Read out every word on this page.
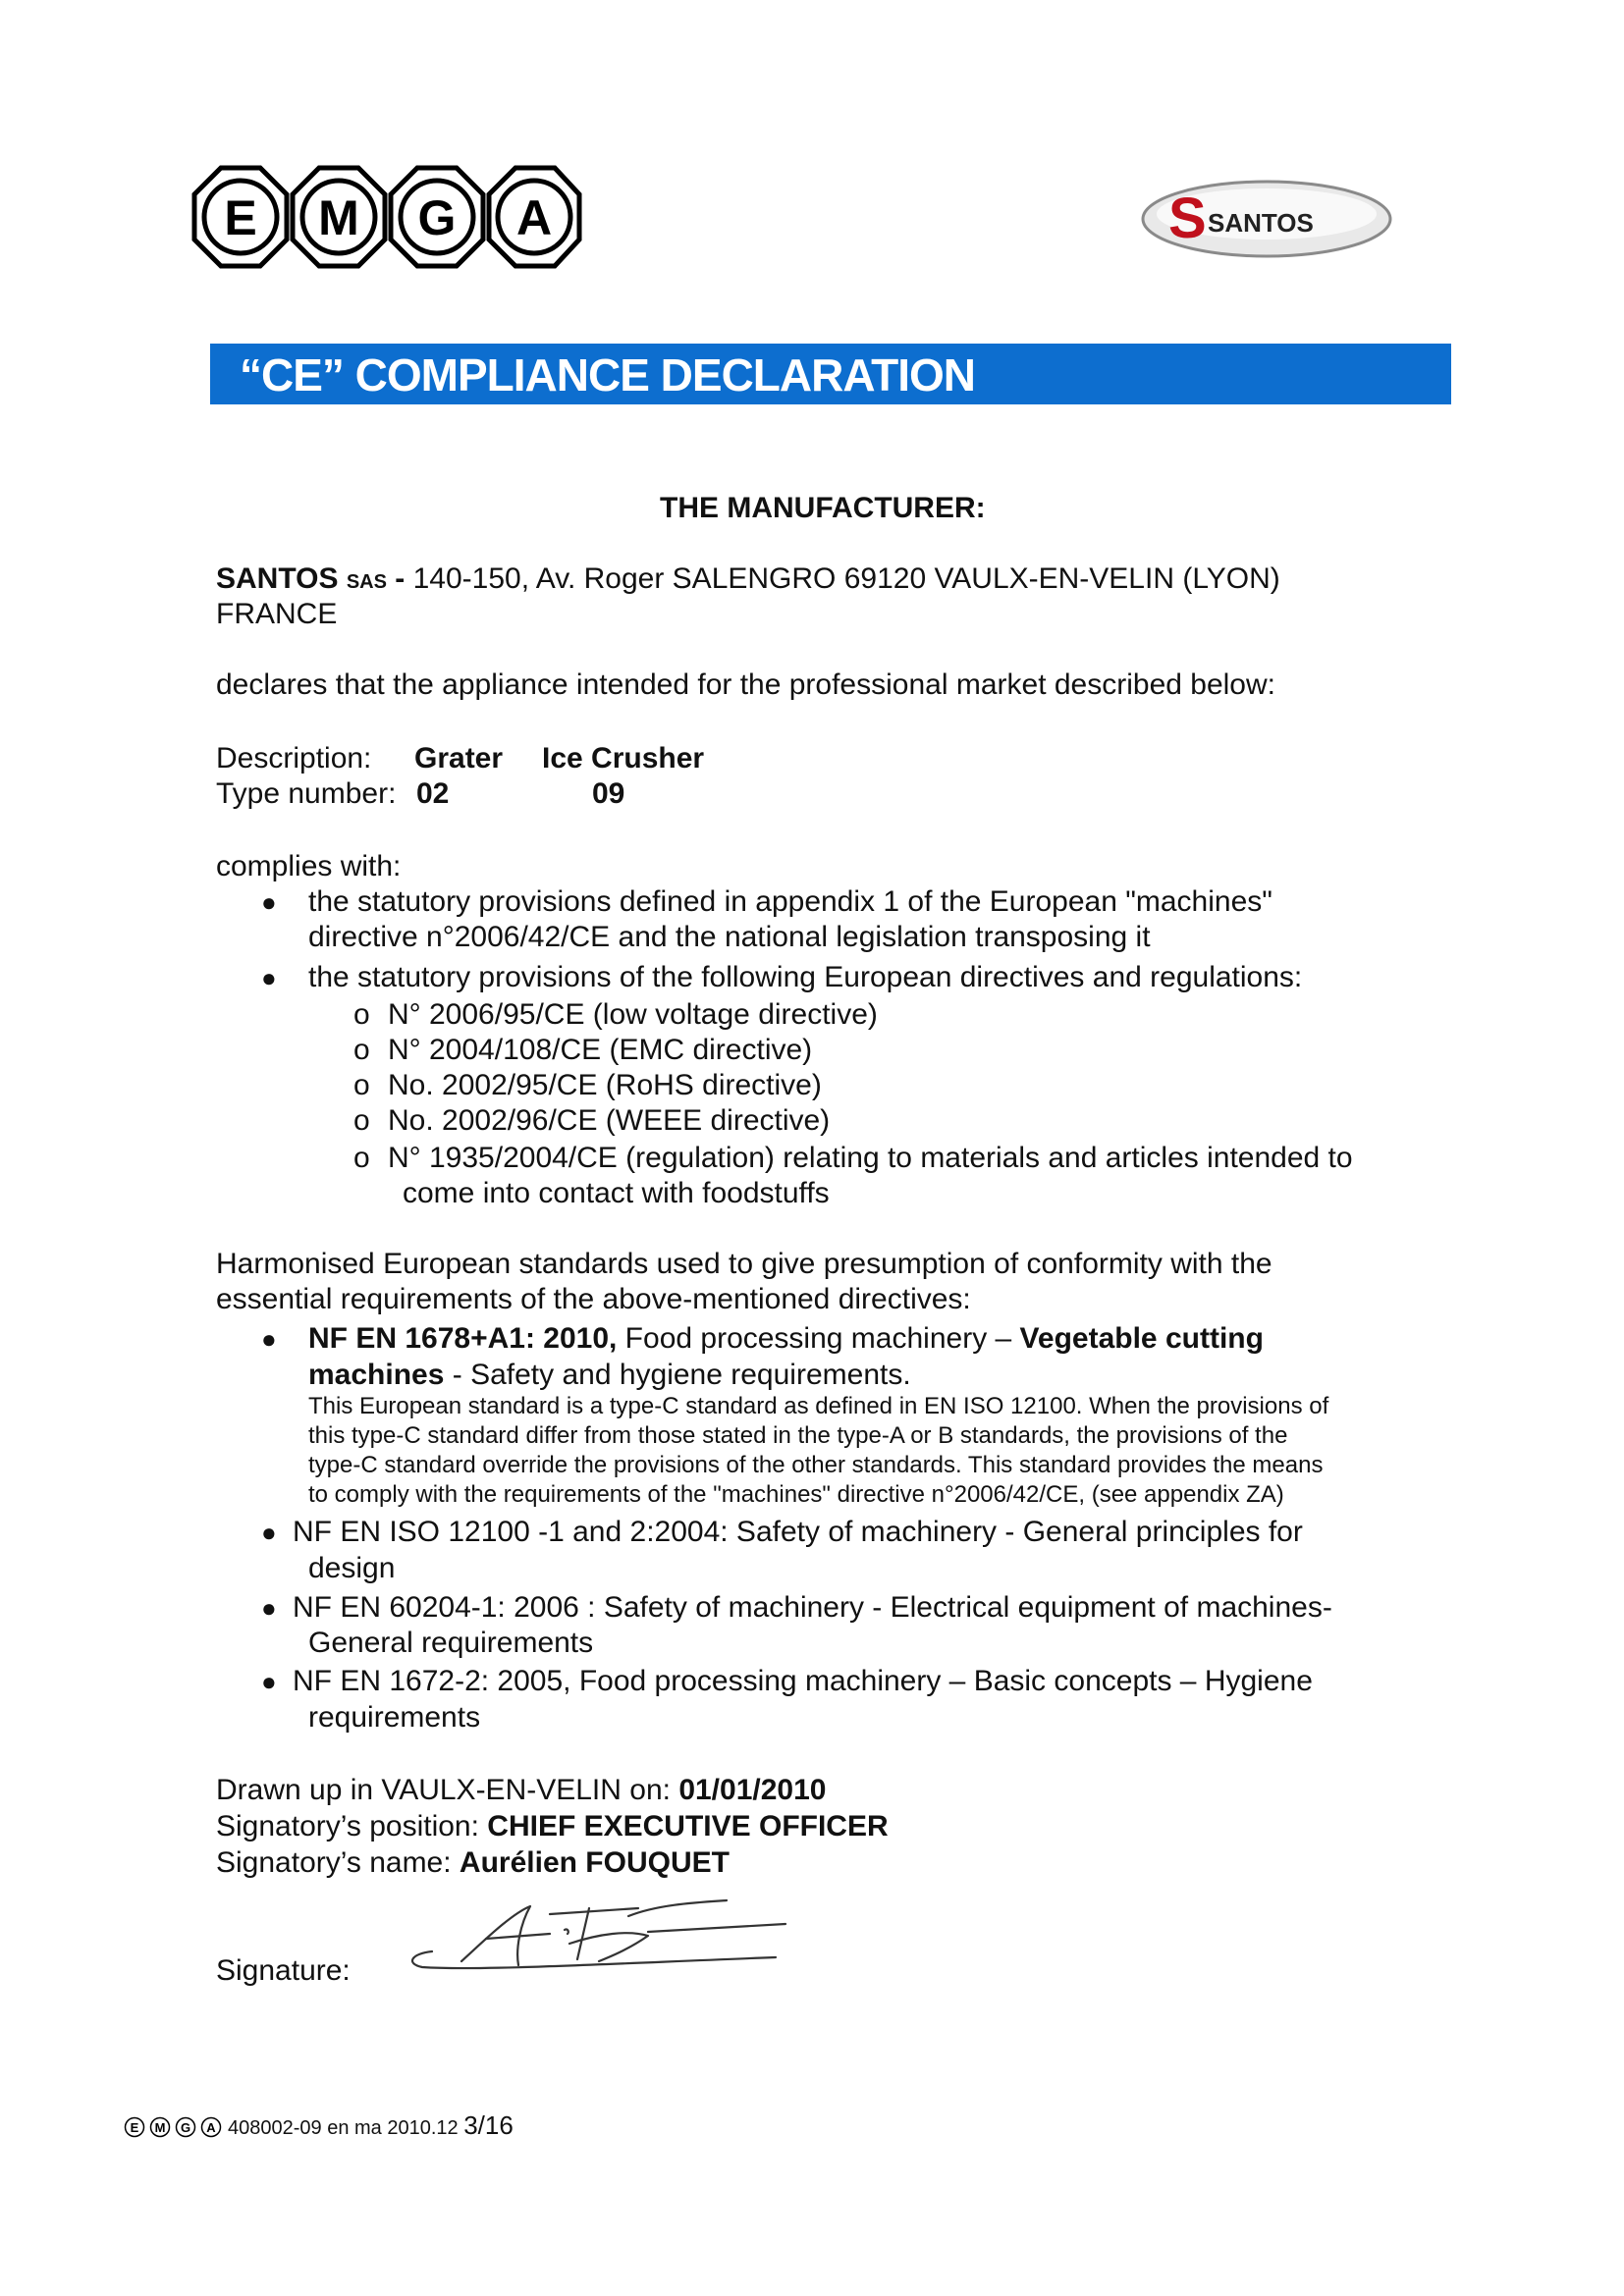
E M G A	S SANTOS
“CE” COMPLIANCE DECLARATION
THE MANUFACTURER:
SANTOS SAS - 140-150, Av. Roger SALENGRO 69120 VAULX-EN-VELIN (LYON)
FRANCE
declares that the appliance intended for the professional market described below:
Description: Grater Ice Crusher
Type number: 02	09
complies with:
● the statutory provisions defined in appendix 1 of the European "machines"
directive n°2006/42/CE and the national legislation transposing it
● the statutory provisions of the following European directives and regulations:
o N° 2006/95/CE (low voltage directive)
o N° 2004/108/CE (EMC directive)
o No. 2002/95/CE (RoHS directive)
o No. 2002/96/CE (WEEE directive)
o N° 1935/2004/CE (regulation) relating to materials and articles intended to
come into contact with foodstuffs
Harmonised European standards used to give presumption of conformity with the
essential requirements of the above-mentioned directives:
● NF EN 1678+A1: 2010, Food processing machinery – Vegetable cutting
machines - Safety and hygiene requirements.
This European standard is a type-C standard as defined in EN ISO 12100. When the provisions of
this type-C standard differ from those stated in the type-A or B standards, the provisions of the
type-C standard override the provisions of the other standards. This standard provides the means
to comply with the requirements of the "machines" directive n°2006/42/CE, (see appendix ZA)
● NF EN ISO 12100 -1 and 2:2004: Safety of machinery - General principles for
design
● NF EN 60204-1: 2006 : Safety of machinery - Electrical equipment of machines-
General requirements
● NF EN 1672-2: 2005, Food processing machinery – Basic concepts – Hygiene
requirements
Drawn up in VAULX-EN-VELIN on: 01/01/2010
Signatory’s position: CHIEF EXECUTIVE OFFICER
Signatory’s name: Aurélien FOUQUET
Signature:
E M G A 408002-09 en ma 2010.12 3/16
